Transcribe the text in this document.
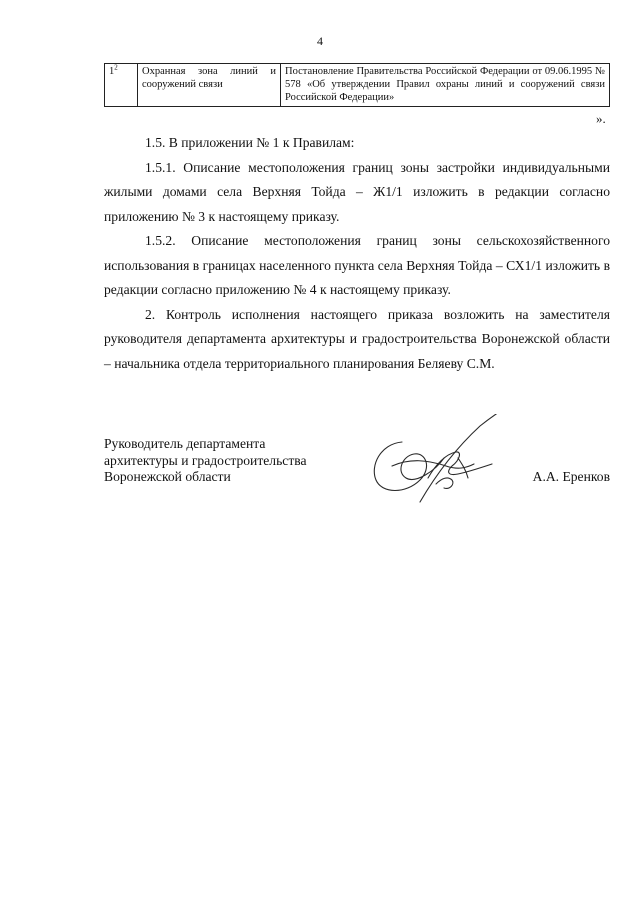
4
$1^2$	Охранная зона линий и сооружений связи	Постановление Правительства Российской Федерации от 09.06.1995 № 578 «Об утверждении Правил охраны линий и сооружений связи Российской Федерации»
».

1.5. В приложении № 1 к Правилам:

1.5.1. Описание местоположения границ зоны застройки индивидуальными жилыми домами села Верхняя Тойда – Ж1/1 изложить в редакции согласно приложению № 3 к настоящему приказу.

1.5.2. Описание местоположения границ зоны сельскохозяйственного использования в границах населенного пункта села Верхняя Тойда – СХ1/1 изложить в редакции согласно приложению № 4 к настоящему приказу.

2. Контроль исполнения настоящего приказа возложить на заместителя руководителя департамента архитектуры и градостроительства Воронежской области – начальника отдела территориального планирования Беляеву С.М.

Руководитель департамента
архитектуры и градостроительства
Воронежской области	А.А. Еренков
